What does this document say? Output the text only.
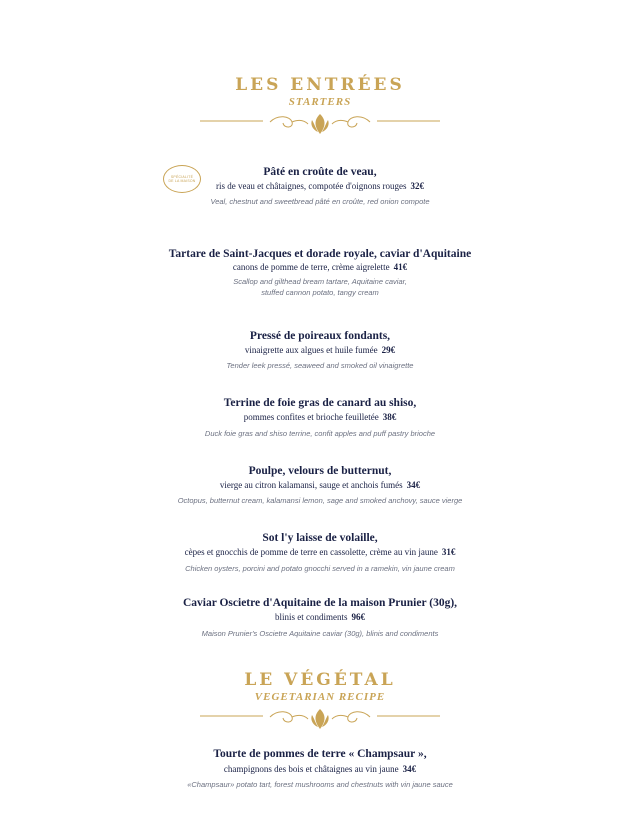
LES ENTRÉES
STARTERS
SPÉCIALITÉ
DE LA MAISON
Pâté en croûte de veau,
ris de veau et châtaignes, compotée d'oignons rouges 32€
Veal, chestnut and sweetbread pâté en croûte, red onion compote
Tartare de Saint-Jacques et dorade royale, caviar d'Aquitaine
canons de pomme de terre, crème aigrelette 41€
Scallop and gilthead bream tartare, Aquitaine caviar,
stuffed cannon potato, tangy cream
Pressé de poireaux fondants,
vinaigrette aux algues et huile fumée 29€
Tender leek pressé, seaweed and smoked oil vinaigrette
Terrine de foie gras de canard au shiso,
pommes confites et brioche feuilletée 38€
Duck foie gras and shiso terrine, confit apples and puff pastry brioche
Poulpe, velours de butternut,
vierge au citron kalamansi, sauge et anchois fumés 34€
Octopus, butternut cream, kalamansi lemon, sage and smoked anchovy, sauce vierge
Sot l'y laisse de volaille,
cèpes et gnocchis de pomme de terre en cassolette, crème au vin jaune 31€
Chicken oysters, porcini and potato gnocchi served in a ramekin, vin jaune cream
Caviar Oscietre d'Aquitaine de la maison Prunier (30g),
blinis et condiments 96€
Maison Prunier's Oscietre Aquitaine caviar (30g), blinis and condiments
LE VÉGÉTAL
VEGETARIAN RECIPE
Tourte de pommes de terre « Champsaur »,
champignons des bois et châtaignes au vin jaune 34€
«Champsaur» potato tart, forest mushrooms and chestnuts with vin jaune sauce
